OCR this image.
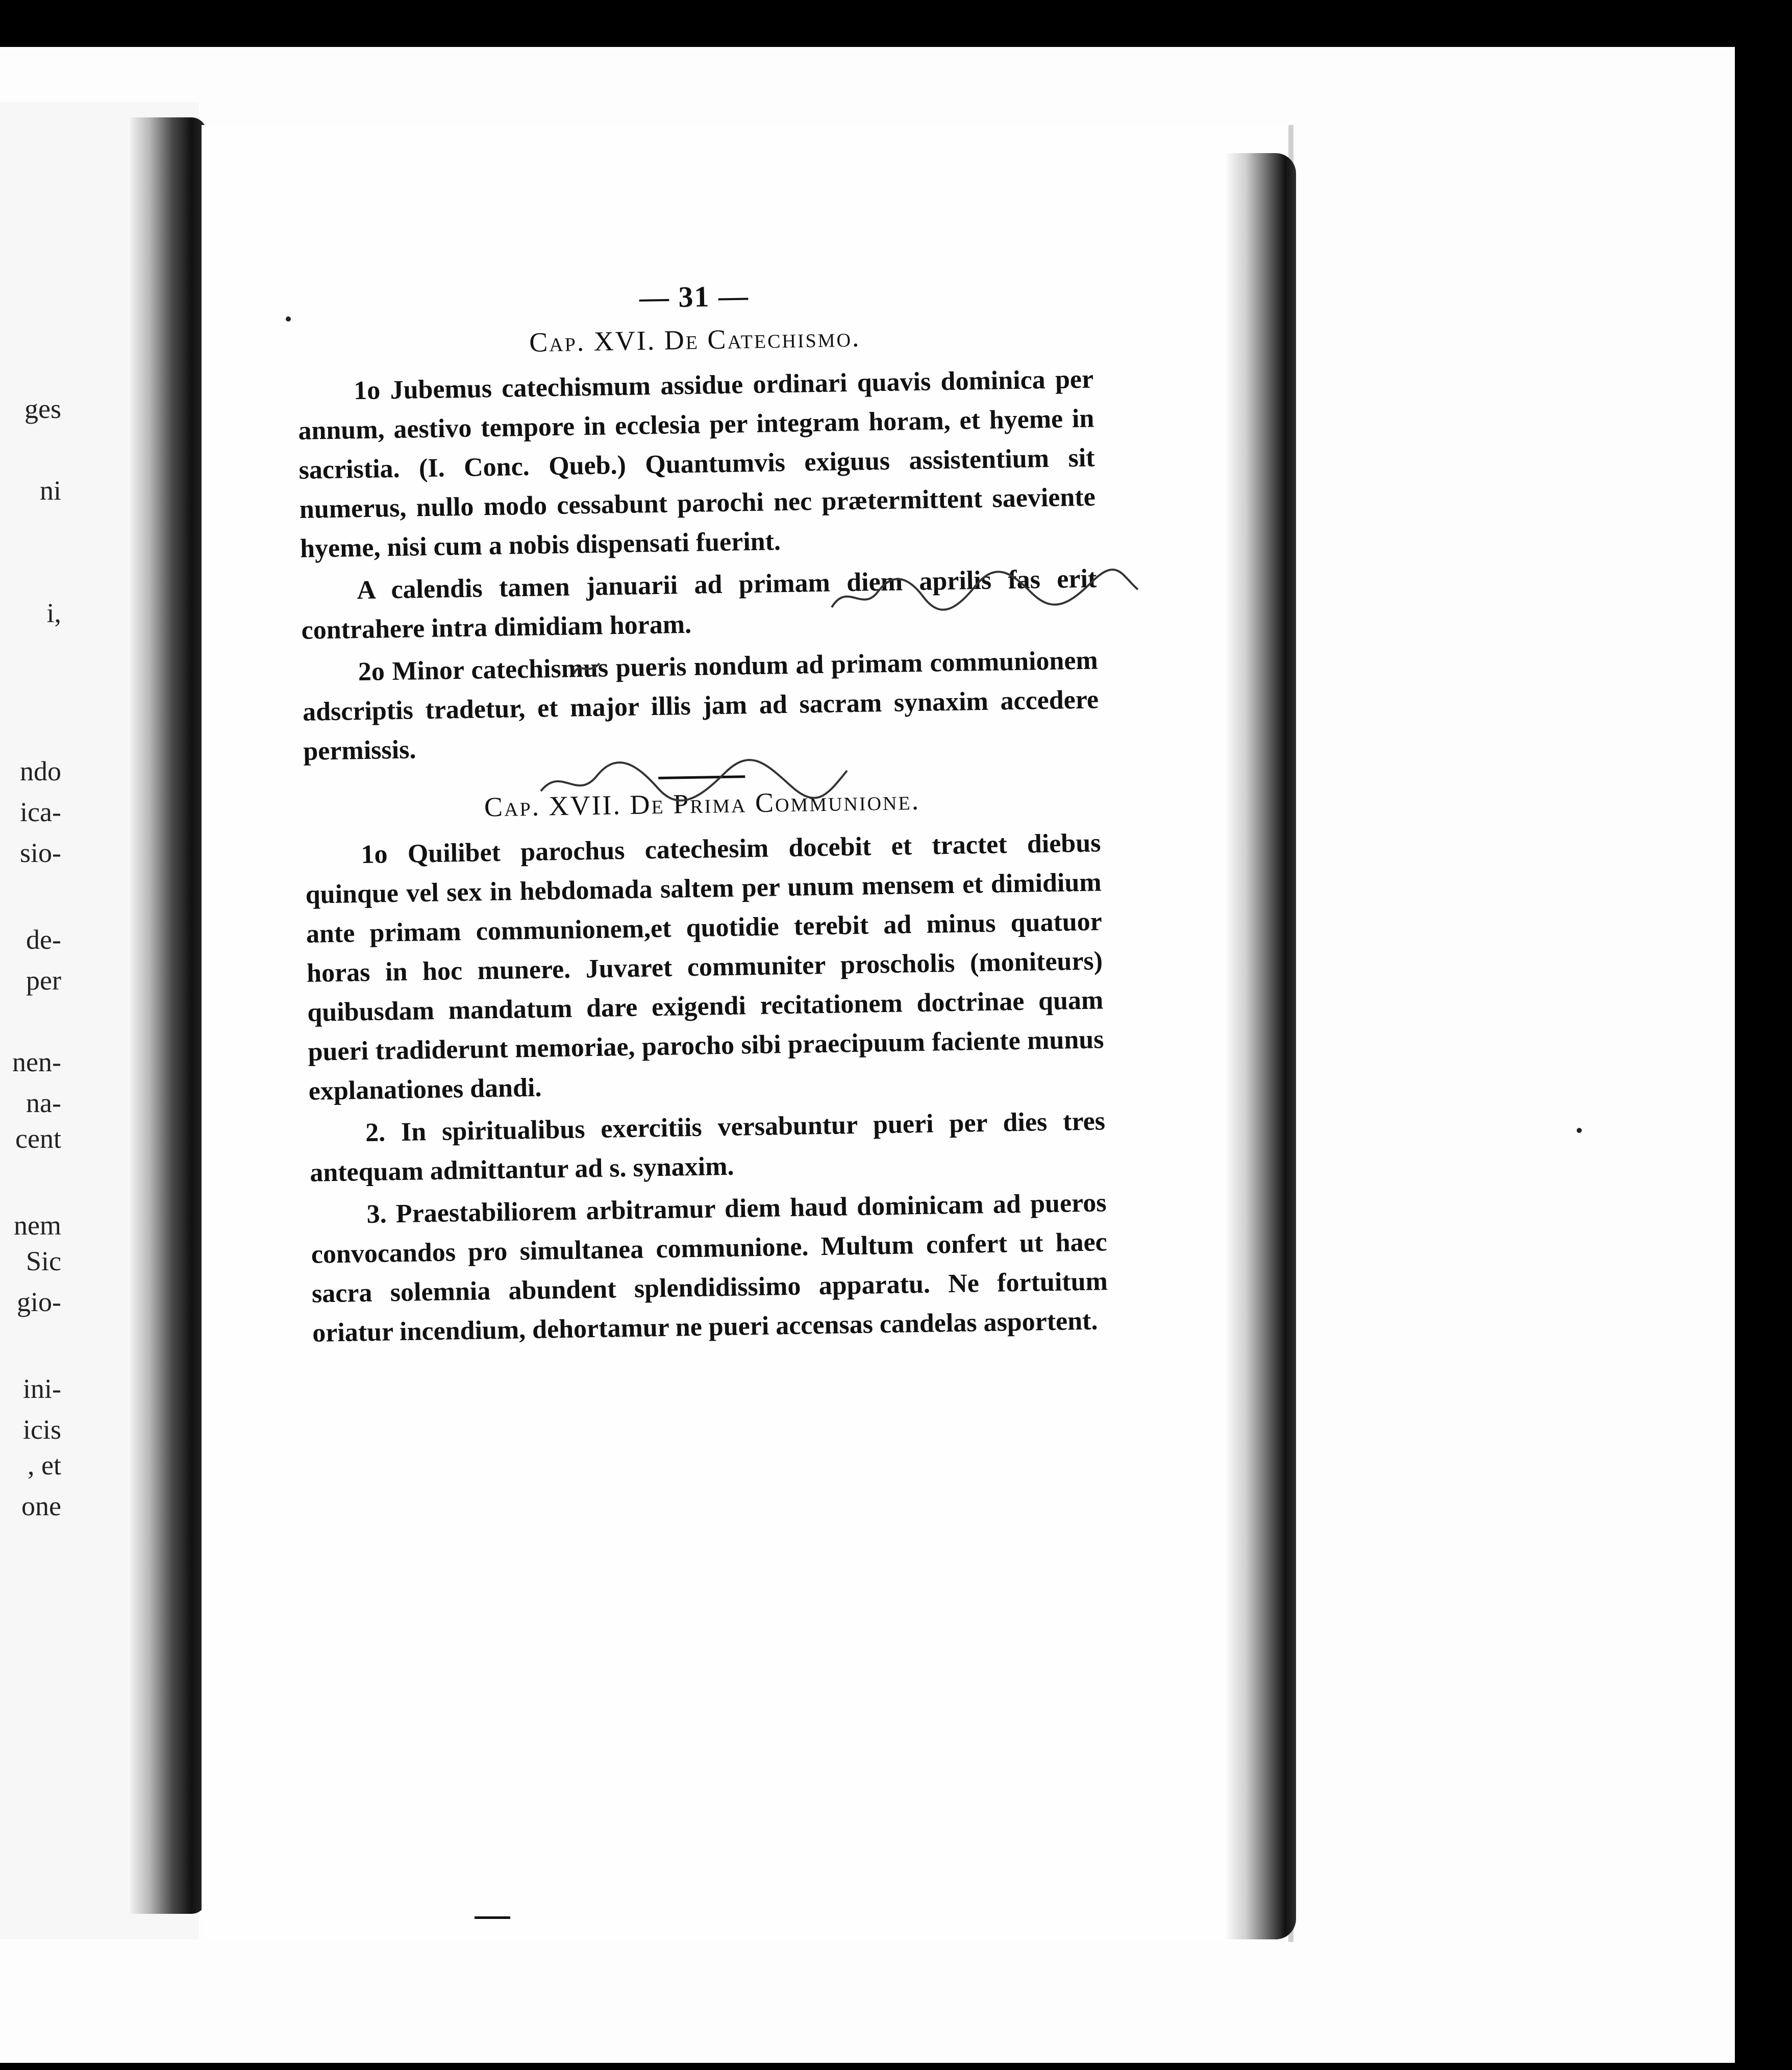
ges
ni
i,
ndo
ica-
sio-
de-
per
nen-
na-
cent
nem
Sic
gio-
ini-
icis
, et
one
— 31 —
Cap. XVI. De Catechismo.

1o Jubemus catechismum assidue ordinari quavis dominica per annum, aestivo tempore in ecclesia per integram horam, et hyeme in sacristia. (I. Conc. Queb.) Quantumvis exiguus assistentium sit numerus, nullo modo cessabunt parochi nec prætermittent saeviente hyeme, nisi cum a nobis dispensati fuerint.

A calendis tamen januarii ad primam diem aprilis fas erit contrahere intra dimidiam horam.

2o Minor catechismus pueris nondum ad primam communionem adscriptis tradetur, et major illis jam ad sacram synaxim accedere permissis.

Cap. XVII. De Prima Communione.

1o Quilibet parochus catechesim docebit et tractet diebus quinque vel sex in hebdomada saltem per unum mensem et dimidium ante primam communionem,et quotidie terebit ad minus quatuor horas in hoc munere. Juvaret communiter proscholis (moniteurs) quibusdam mandatum dare exigendi recitationem doctrinae quam pueri tradiderunt memoriae, parocho sibi praecipuum faciente munus explanationes dandi.

2. In spiritualibus exercitiis versabuntur pueri per dies tres antequam admittantur ad s. synaxim.

3. Praestabiliorem arbitramur diem haud dominicam ad pueros convocandos pro simultanea communione. Multum confert ut haec sacra solemnia abundent splendidissimo apparatu. Ne fortuitum oriatur incendium, dehortamur ne pueri accensas candelas asportent.
